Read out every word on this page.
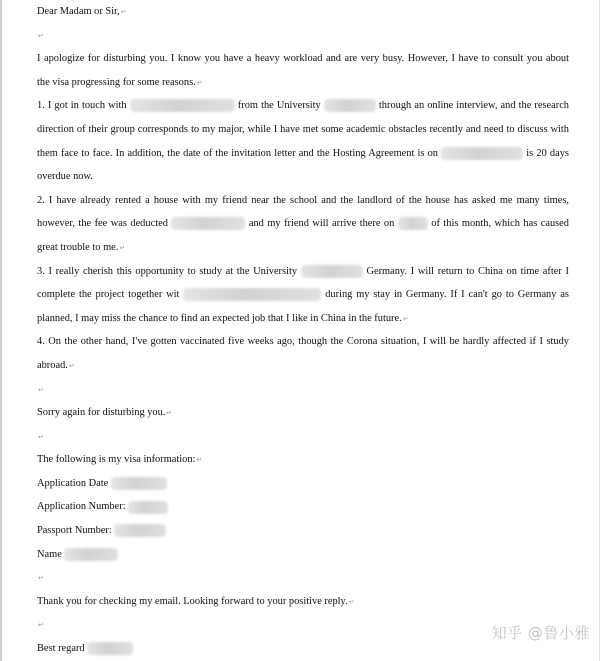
Dear Madam or Sir,↵
↵
I apologize for disturbing you. I know you have a heavy workload and are very busy. However, I have to consult you about
the visa progressing for some reasons.↵
1. I got in touch with	from the University	through an online interview, and the research
direction of their group corresponds to my major, while I have met some academic obstacles recently and need to discuss with
them face to face. In addition, the date of the invitation letter and the Hosting Agreement is on	is 20 days
overdue now.
2. I have already rented a house with my friend near the school and the landlord of the house has asked me many times,
however, the fee was deducted	and my friend will arrive there on	of this month, which has caused
great trouble to me.↵
3. I really cherish this opportunity to study at the University	Germany. I will return to China on time after I
complete the project together wit	during my stay in Germany. If I can't go to Germany as
planned, I may miss the chance to find an expected job that I like in China in the future.↵
4. On the other hand, I've gotten vaccinated five weeks ago, though the Corona situation, I will be hardly affected if I study
abroad.↵
↵
Sorry again for disturbing you.↵
↵
The following is my visa information:↵
Application Date
Application Number:
Passport Number:
Name
↵
Thank you for checking my email. Looking forward to your positive reply.↵
↵
Best regard
知乎 @鲁小雅
